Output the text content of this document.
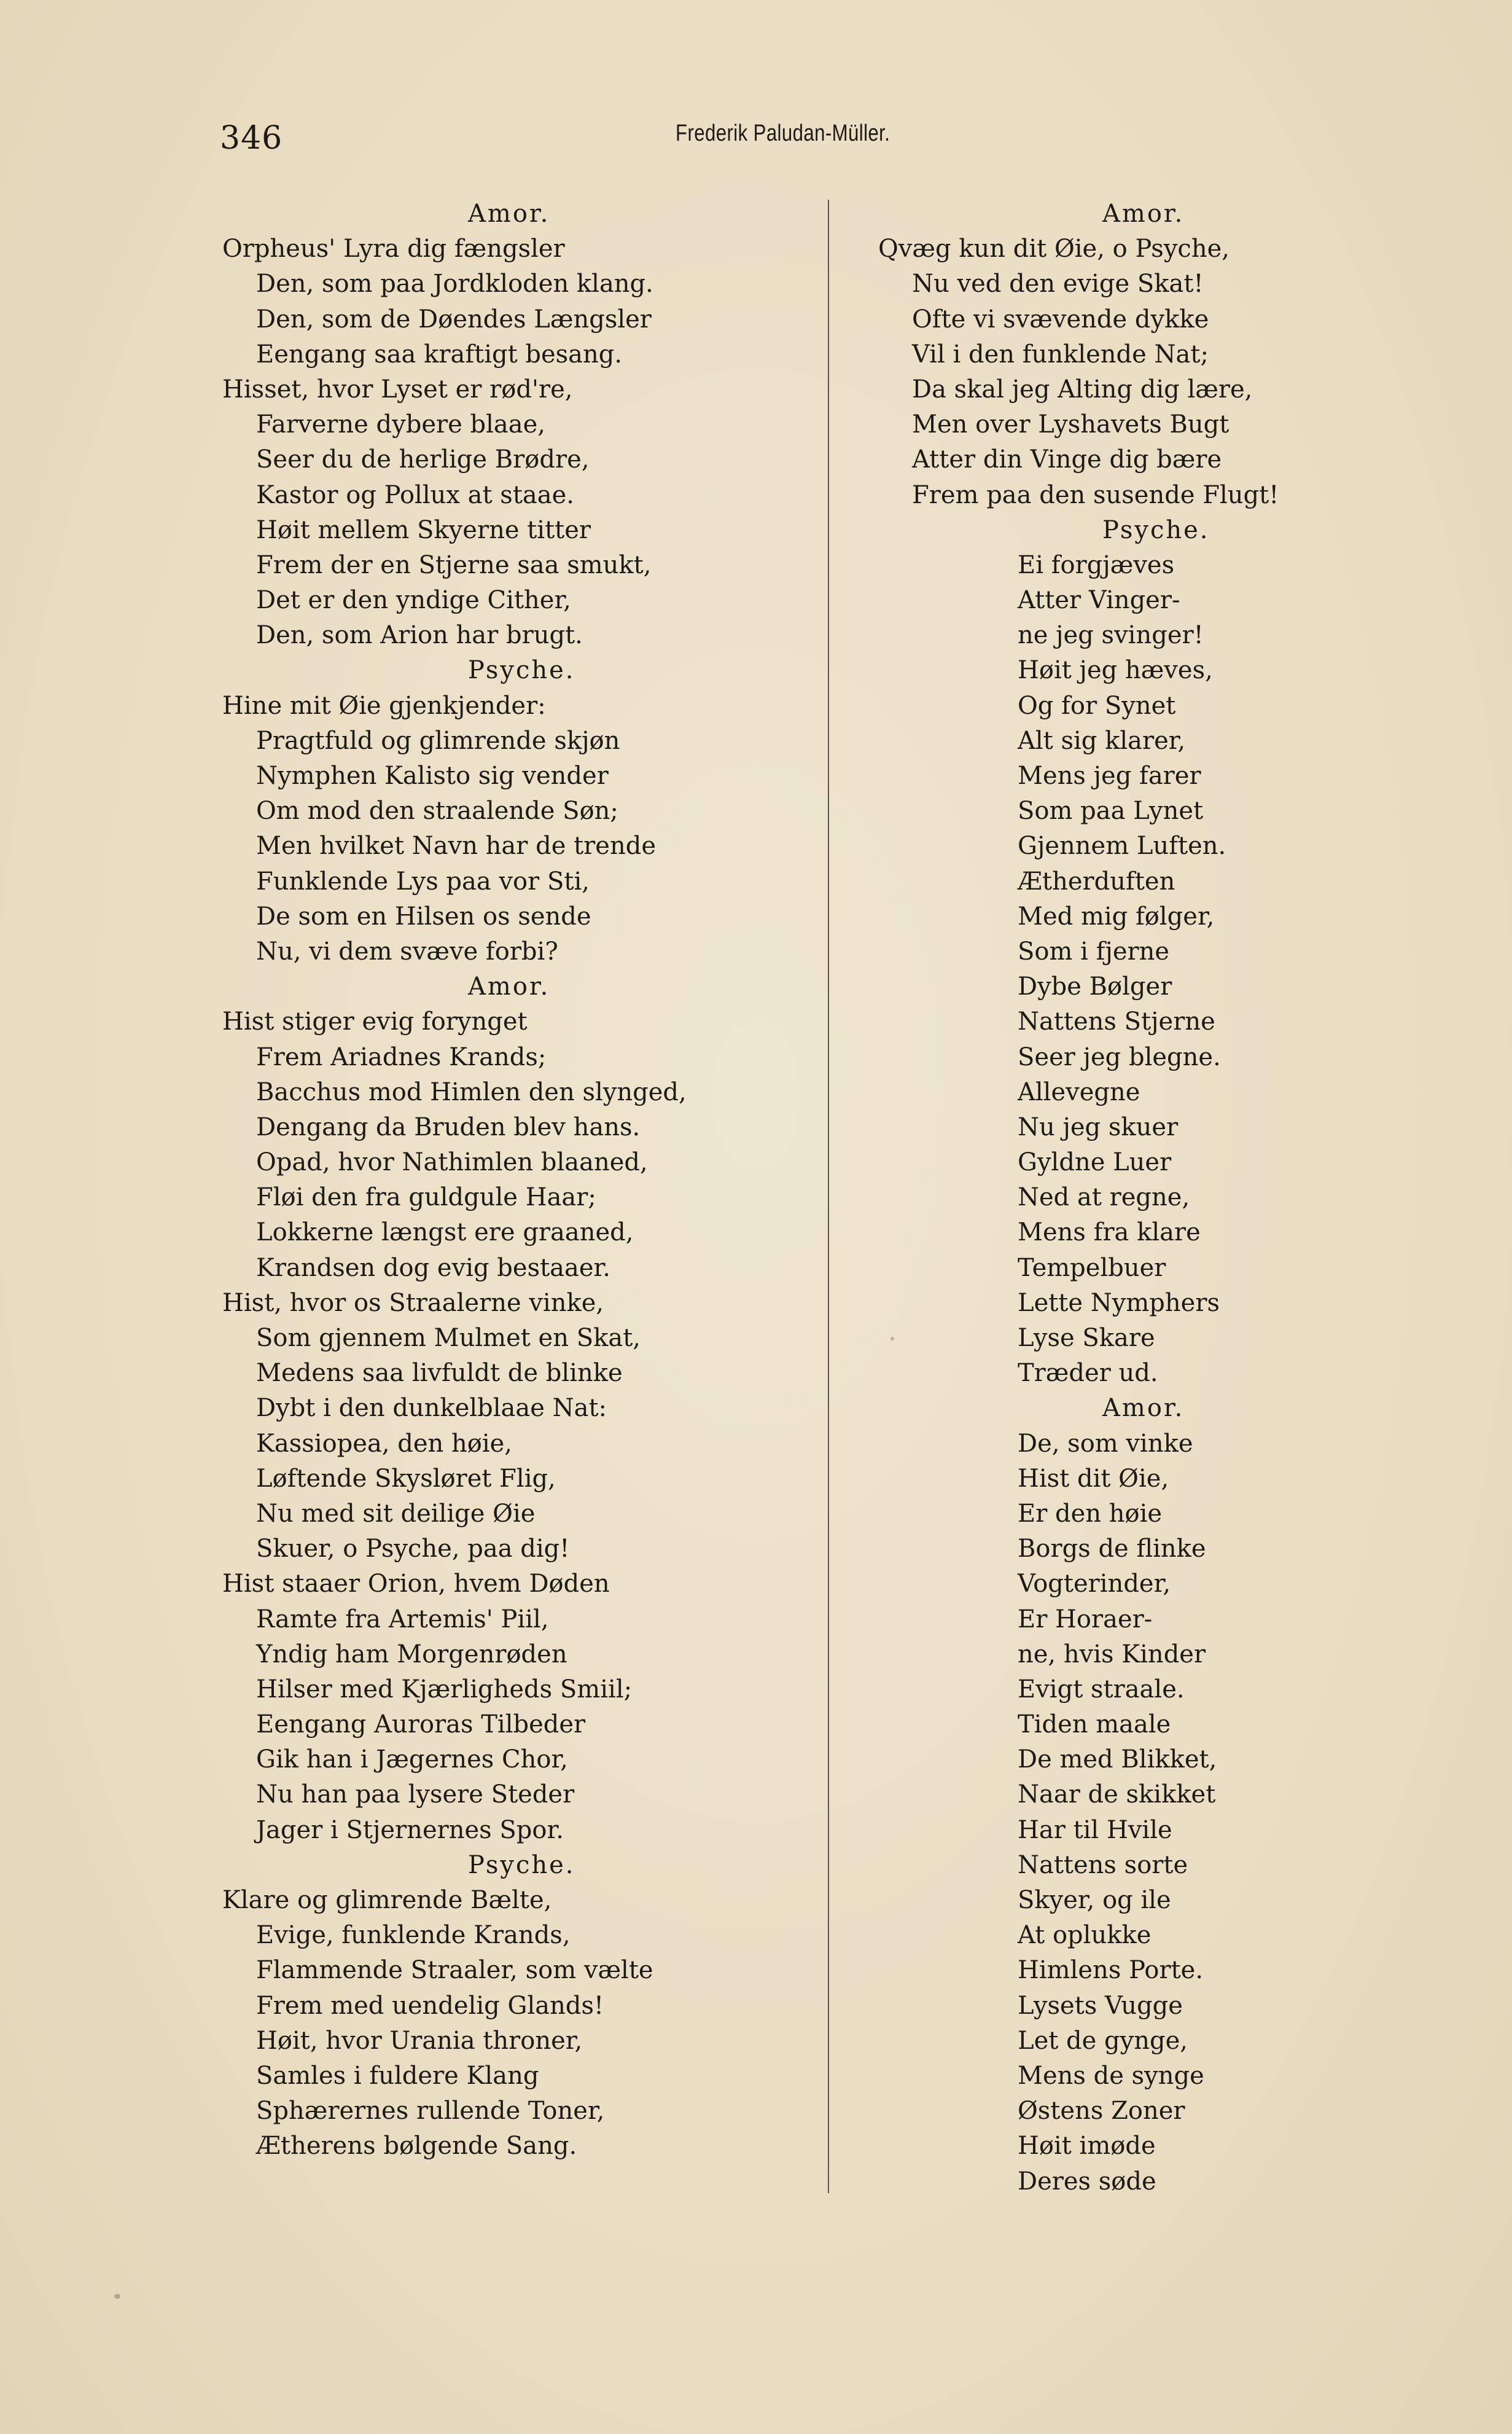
346	Frederik Paludan-Müller.
Amor.
Orpheus' Lyra dig fængsler
Den, som paa Jordkloden klang.
Den, som de Døendes Længsler
Eengang saa kraftigt besang.
Hisset, hvor Lyset er rød're,
Farverne dybere blaae,
Seer du de herlige Brødre,
Kastor og Pollux at staae.
Høit mellem Skyerne titter
Frem der en Stjerne saa smukt,
Det er den yndige Cither,
Den, som Arion har brugt.
Psyche.
Hine mit Øie gjenkjender:
Pragtfuld og glimrende skjøn
Nymphen Kalisto sig vender
Om mod den straalende Søn;
Men hvilket Navn har de trende
Funklende Lys paa vor Sti,
De som en Hilsen os sende
Nu, vi dem svæve forbi?
Amor.
Hist stiger evig forynget
Frem Ariadnes Krands;
Bacchus mod Himlen den slynged,
Dengang da Bruden blev hans.
Opad, hvor Nathimlen blaaned,
Fløi den fra guldgule Haar;
Lokkerne længst ere graaned,
Krandsen dog evig bestaaer.
Hist, hvor os Straalerne vinke,
Som gjennem Mulmet en Skat,
Medens saa livfuldt de blinke
Dybt i den dunkelblaae Nat:
Kassiopea, den høie,
Løftende Skysløret Flig,
Nu med sit deilige Øie
Skuer, o Psyche, paa dig!
Hist staaer Orion, hvem Døden
Ramte fra Artemis' Piil,
Yndig ham Morgenrøden
Hilser med Kjærligheds Smiil;
Eengang Auroras Tilbeder
Gik han i Jægernes Chor,
Nu han paa lysere Steder
Jager i Stjernernes Spor.
Psyche.
Klare og glimrende Bælte,
Evige, funklende Krands,
Flammende Straaler, som vælte
Frem med uendelig Glands!
Høit, hvor Urania throner,
Samles i fuldere Klang
Sphærernes rullende Toner,
Ætherens bølgende Sang.
Amor.
Qvæg kun dit Øie, o Psyche,
Nu ved den evige Skat!
Ofte vi svævende dykke
Vil i den funklende Nat;
Da skal jeg Alting dig lære,
Men over Lyshavets Bugt
Atter din Vinge dig bære
Frem paa den susende Flugt!
Psyche.
Ei forgjæves
Atter Vinger-
ne jeg svinger!
Høit jeg hæves,
Og for Synet
Alt sig klarer,
Mens jeg farer
Som paa Lynet
Gjennem Luften.
Ætherduften
Med mig følger,
Som i fjerne
Dybe Bølger
Nattens Stjerne
Seer jeg blegne.
Allevegne
Nu jeg skuer
Gyldne Luer
Ned at regne,
Mens fra klare
Tempelbuer
Lette Nymphers
Lyse Skare
Træder ud.
Amor.
De, som vinke
Hist dit Øie,
Er den høie
Borgs de flinke
Vogterinder,
Er Horaer-
ne, hvis Kinder
Evigt straale.
Tiden maale
De med Blikket,
Naar de skikket
Har til Hvile
Nattens sorte
Skyer, og ile
At oplukke
Himlens Porte.
Lysets Vugge
Let de gynge,
Mens de synge
Østens Zoner
Høit imøde
Deres søde
